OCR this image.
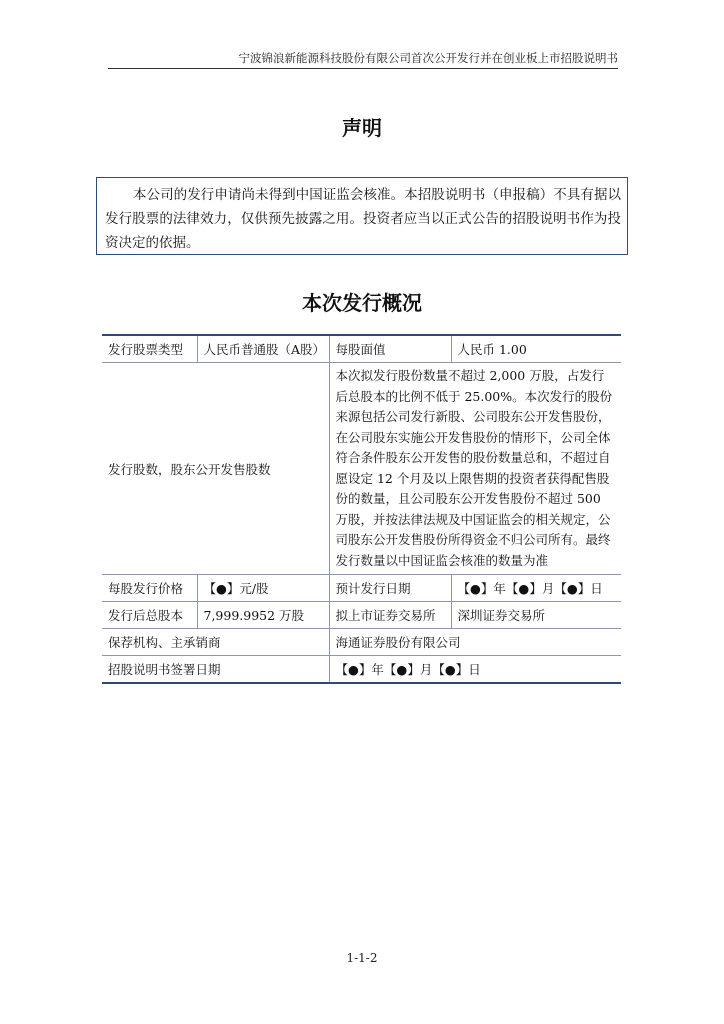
宁波锦浪新能源科技股份有限公司首次公开发行并在创业板上市招股说明书
声明

本公司的发行申请尚未得到中国证监会核准。本招股说明书（申报稿）不具有据以发行股票的法律效力，仅供预先披露之用。投资者应当以正式公告的招股说明书作为投资决定的依据。

本次发行概况
发行股票类型	人民币普通股（A股）	每股面值	人民币 1.00
发行股数，股东公开发售股数		本次拟发行股份数量不超过 2,000 万股，占发行后总股本的比例不低于 25.00%。本次发行的股份来源包括公司发行新股、公司股东公开发售股份，在公司股东实施公开发售股份的情形下，公司全体符合条件股东公开发售的股份数量总和，不超过自愿设定 12 个月及以上限售期的投资者获得配售股份的数量，且公司股东公开发售股份不超过 500 万股，并按法律法规及中国证监会的相关规定，公司股东公开发售股份所得资金不归公司所有。最终发行数量以中国证监会核准的数量为准	
每股发行价格	【●】元/股	预计发行日期	【●】年【●】月【●】日
发行后总股本	7,999.9952 万股	拟上市证券交易所	深圳证券交易所
保荐机构、主承销商		海通证券股份有限公司	
招股说明书签署日期		【●】年【●】月【●】日	
1-1-2
